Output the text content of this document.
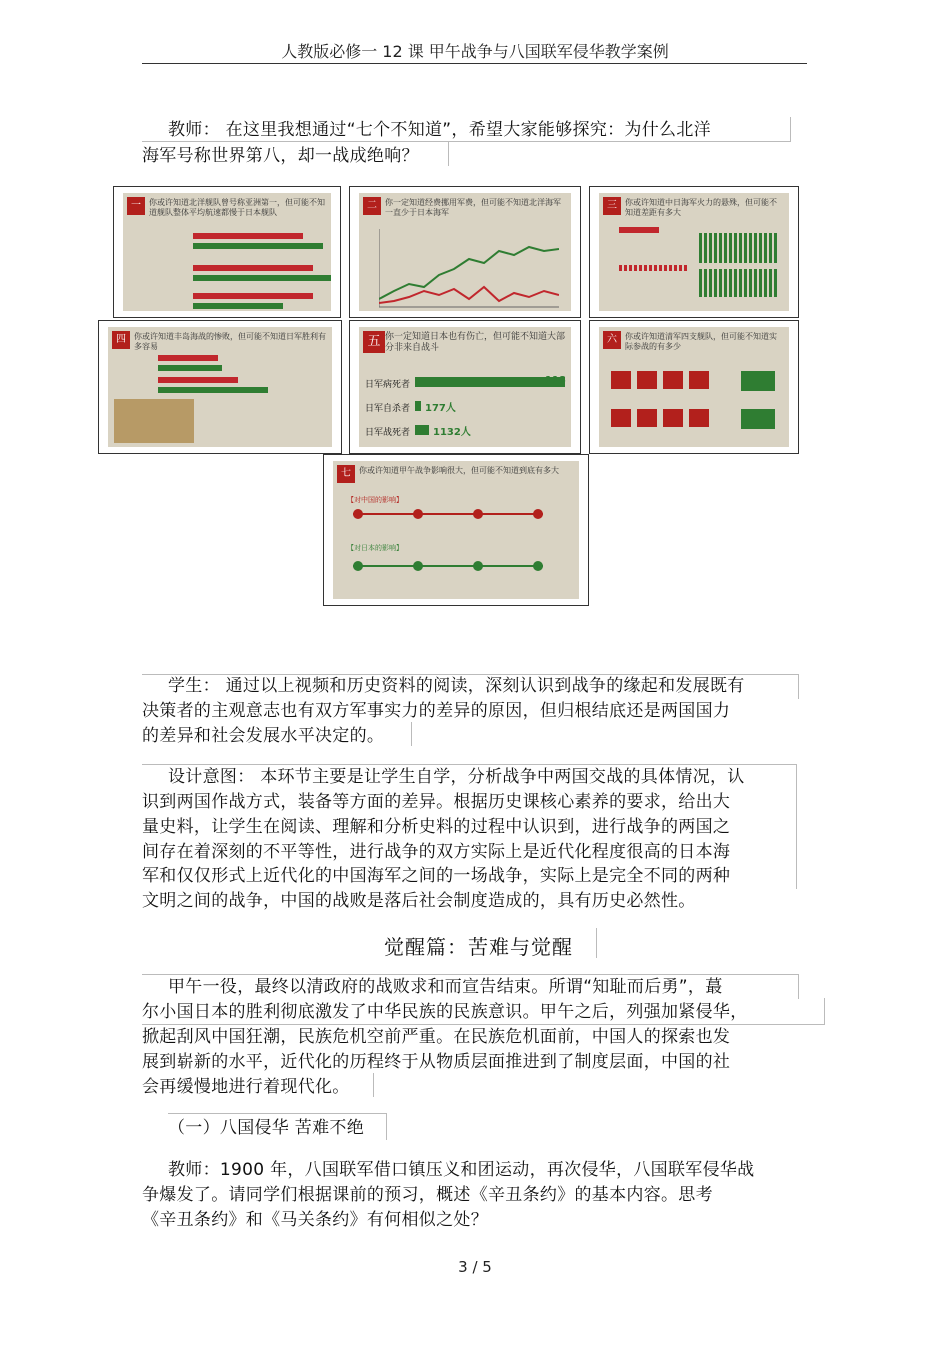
人教版必修一 12 课 甲午战争与八国联军侵华教学案例
教师： 在这里我想通过“七个不知道”，希望大家能够探究：为什么北洋
海军号称世界第八，却一战成绝响？
一	你或许知道北洋舰队曾号称亚洲第一，但可能不知道舰队整体平均航速都慢于日本舰队
二	你一定知道经费挪用军费，但可能不知道北洋海军一直少于日本海军
三	你或许知道中日海军火力的悬殊，但可能不知道差距有多大
四	你或许知道丰岛海战的惨败，但可能不知道日军胜利有多容易	五 你一定知道日本也有伤亡，但可能不知道大部分非来自战斗
日军病死者	118
日军自杀者 177人
日军战死者 1132人
六	你或许知道清军四支舰队，但可能不知道实际参战的有多少
七	你或许知道甲午战争影响很大，但可能不知道到底有多大
【对中国的影响】
【对日本的影响】
学生： 通过以上视频和历史资料的阅读，深刻认识到战争的缘起和发展既有
决策者的主观意志也有双方军事实力的差异的原因，但归根结底还是两国国力
的差异和社会发展水平决定的。
设计意图： 本环节主要是让学生自学，分析战争中两国交战的具体情况，认
识到两国作战方式，装备等方面的差异。根据历史课核心素养的要求，给出大
量史料，让学生在阅读、理解和分析史料的过程中认识到，进行战争的两国之
间存在着深刻的不平等性，进行战争的双方实际上是近代化程度很高的日本海
军和仅仅形式上近代化的中国海军之间的一场战争，实际上是完全不同的两种
文明之间的战争，中国的战败是落后社会制度造成的，具有历史必然性。
觉醒篇：苦难与觉醒
甲午一役，最终以清政府的战败求和而宣告结束。所谓“知耻而后勇”，蕞
尔小国日本的胜利彻底激发了中华民族的民族意识。甲午之后，列强加紧侵华，
掀起刮风中国狂潮，民族危机空前严重。在民族危机面前，中国人的探索也发
展到崭新的水平，近代化的历程终于从物质层面推进到了制度层面，中国的社
会再缓慢地进行着现代化。
（一）八国侵华 苦难不绝
教师：1900 年，八国联军借口镇压义和团运动，再次侵华，八国联军侵华战
争爆发了。请同学们根据课前的预习，概述《辛丑条约》的基本内容。思考
《辛丑条约》和《马关条约》有何相似之处？
3 / 5
